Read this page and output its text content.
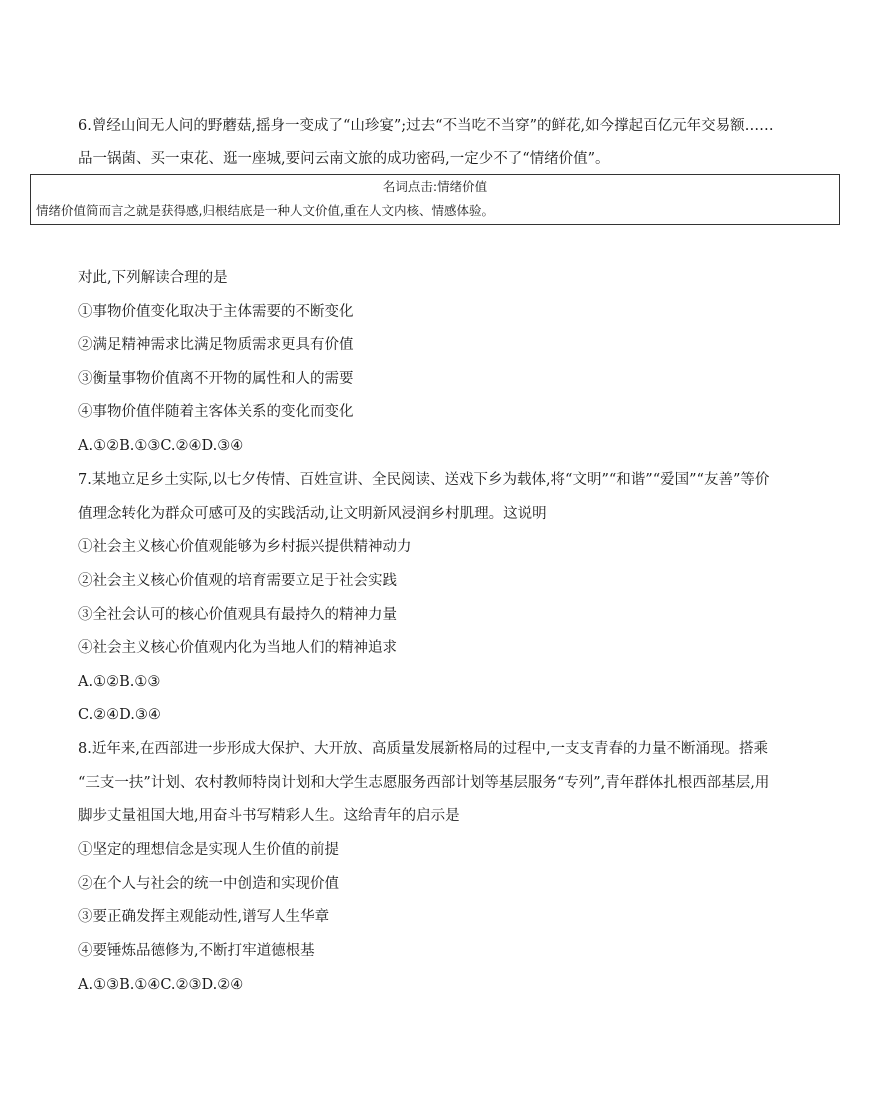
6.曾经山间无人问的野蘑菇,摇身一变成了“山珍宴”;过去“不当吃不当穿”的鲜花,如今撑起百亿元年交易额……
品一锅菌、买一束花、逛一座城,要问云南文旅的成功密码,一定少不了“情绪价值”。
名词点击:情绪价值
情绪价值简而言之就是获得感,归根结底是一种人文价值,重在人文内核、情感体验。
对此,下列解读合理的是
①事物价值变化取决于主体需要的不断变化
②满足精神需求比满足物质需求更具有价值
③衡量事物价值离不开物的属性和人的需要
④事物价值伴随着主客体关系的变化而变化
A.①②B.①③C.②④D.③④
7.某地立足乡土实际,以七夕传情、百姓宣讲、全民阅读、送戏下乡为载体,将“文明”“和谐”“爱国”“友善”等价
值理念转化为群众可感可及的实践活动,让文明新风浸润乡村肌理。这说明
①社会主义核心价值观能够为乡村振兴提供精神动力
②社会主义核心价值观的培育需要立足于社会实践
③全社会认可的核心价值观具有最持久的精神力量
④社会主义核心价值观内化为当地人们的精神追求
A.①②B.①③
C.②④D.③④
8.近年来,在西部进一步形成大保护、大开放、高质量发展新格局的过程中,一支支青春的力量不断涌现。搭乘
“三支一扶”计划、农村教师特岗计划和大学生志愿服务西部计划等基层服务“专列”,青年群体扎根西部基层,用
脚步丈量祖国大地,用奋斗书写精彩人生。这给青年的启示是
①坚定的理想信念是实现人生价值的前提
②在个人与社会的统一中创造和实现价值
③要正确发挥主观能动性,谱写人生华章
④要锤炼品德修为,不断打牢道德根基
A.①③B.①④C.②③D.②④
